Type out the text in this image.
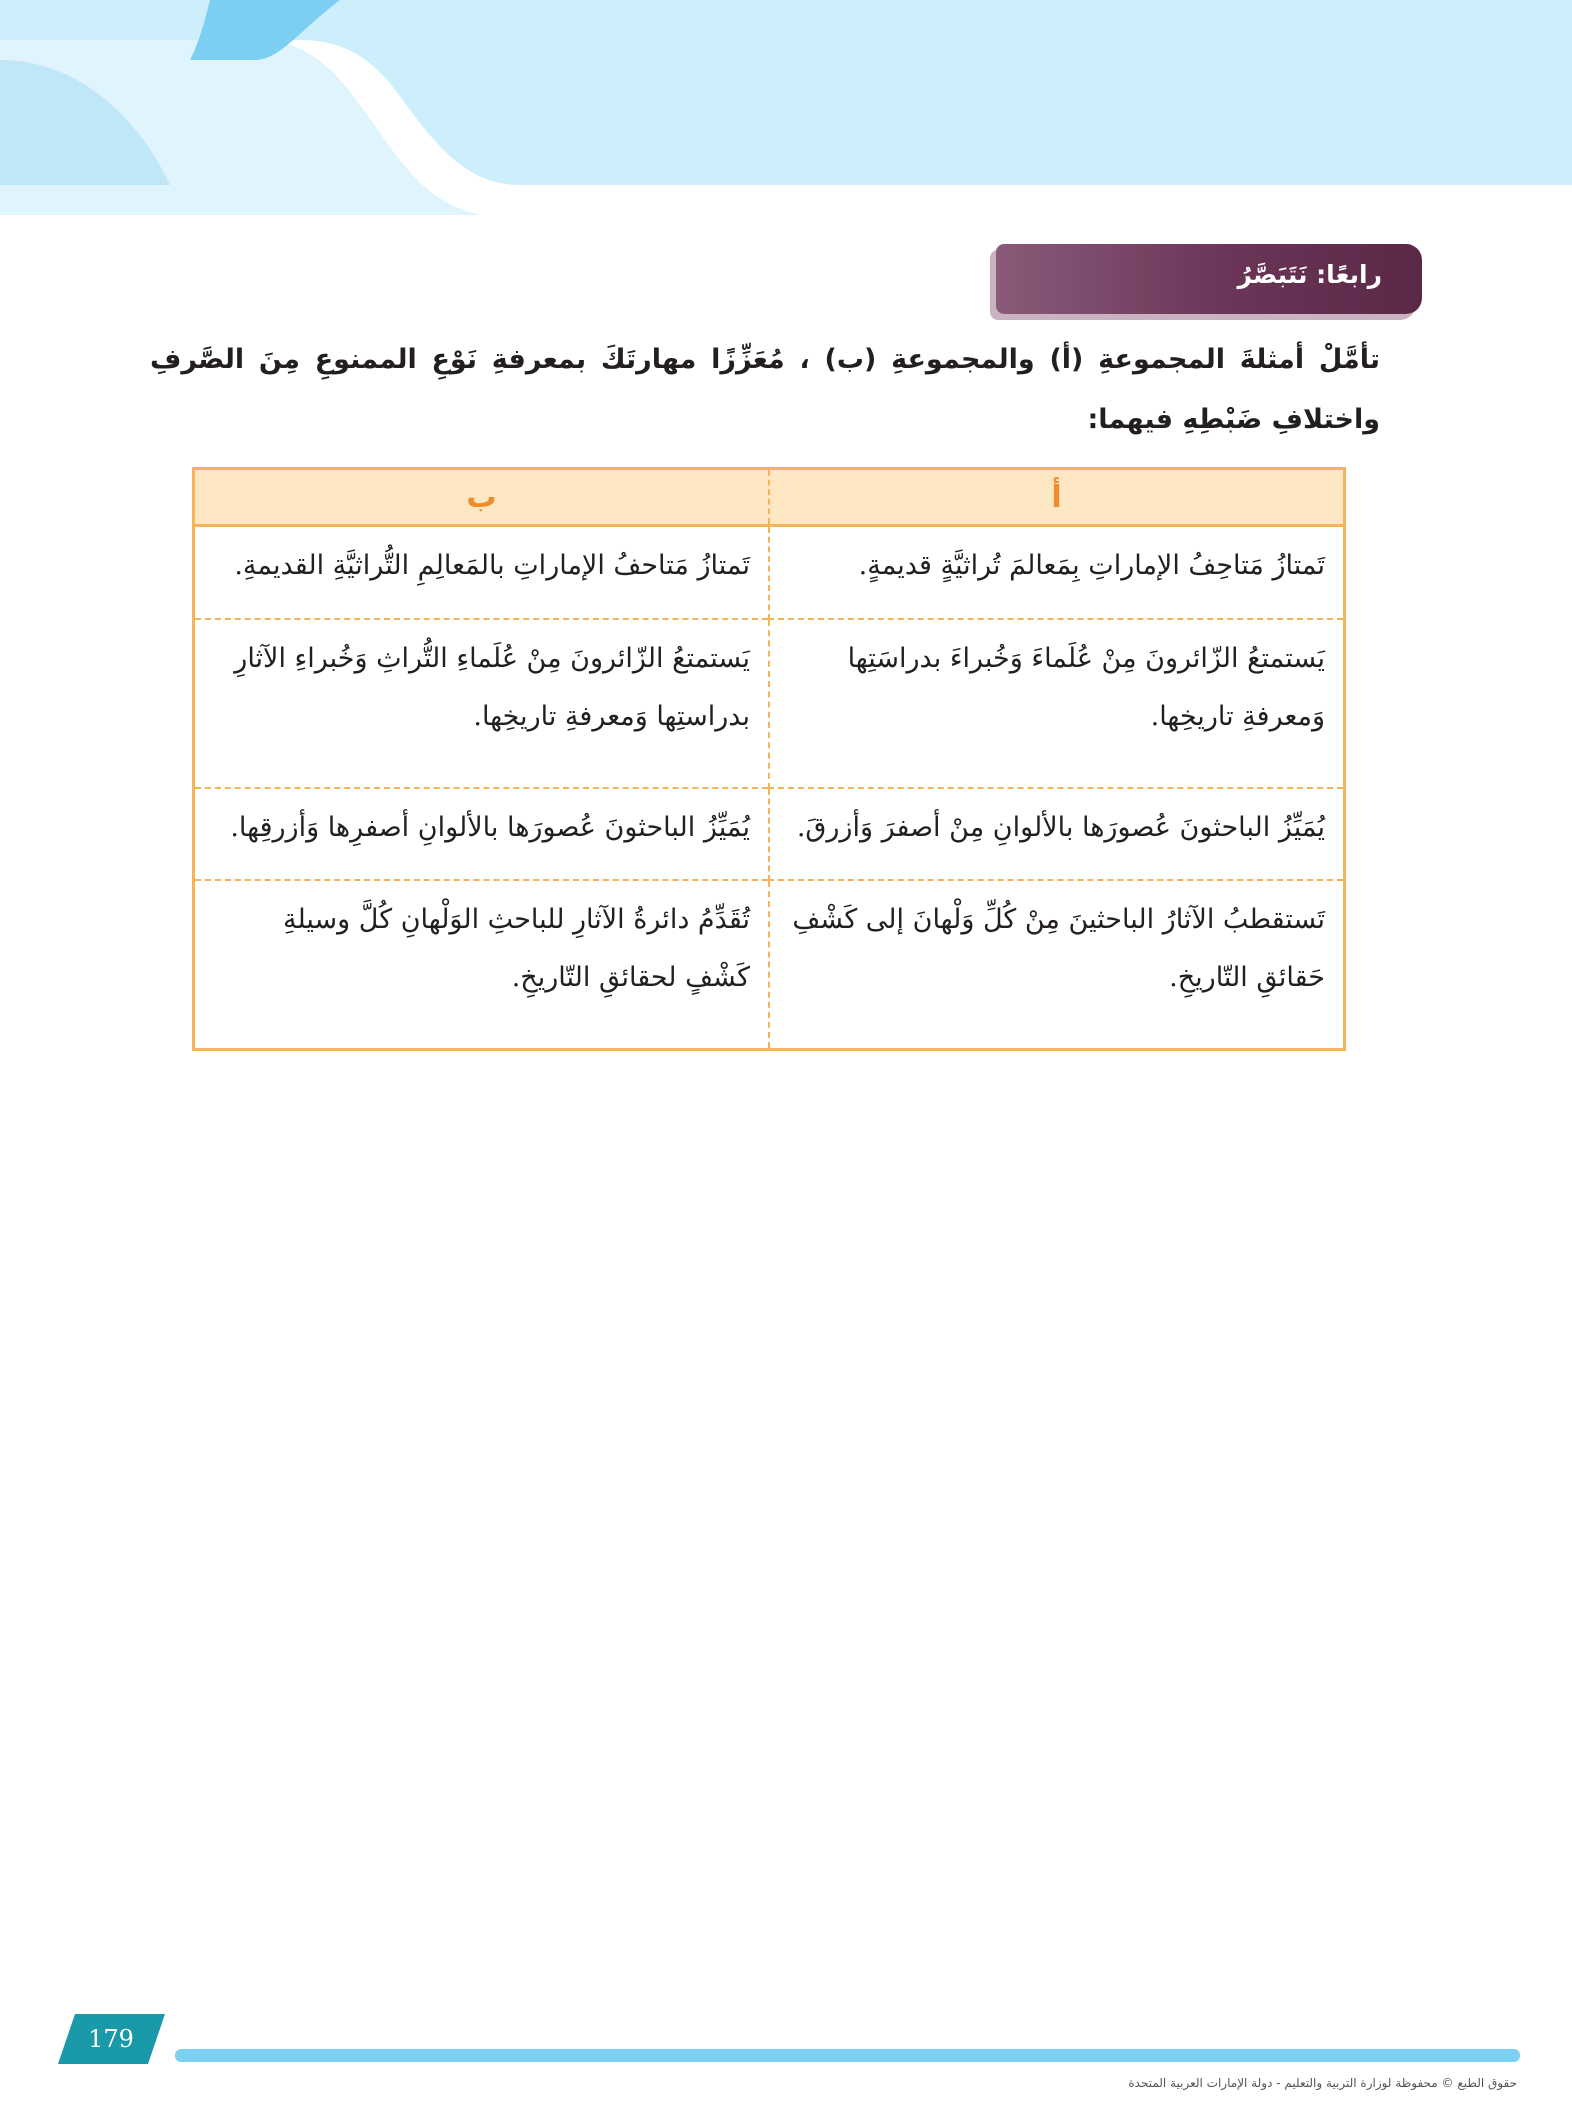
رابعًا: نَتَبَصَّرُ
تأمَّلْ أمثلةَ المجموعةِ (أ) والمجموعةِ (ب) ، مُعَزِّزًا مهارتَكَ بمعرفةِ نَوْعِ الممنوعِ مِنَ الصَّرفِ واختلافِ ضَبْطِهِ فيهما:
أ	ب
تَمتازُ مَتاحِفُ الإماراتِ بِمَعالمَ تُراثيَّةٍ قديمةٍ.	تَمتازُ مَتاحفُ الإماراتِ بالمَعالِمِ التُّراثيَّةِ القديمةِ.
يَستمتعُ الزّائرونَ مِنْ عُلَماءَ وَخُبراءَ بدراسَتِها وَمعرفةِ تاريخِها.	يَستمتعُ الزّائرونَ مِنْ عُلَماءِ التُّراثِ وَخُبراءِ الآثارِ بدراستِها وَمعرفةِ تاريخِها.
يُمَيِّزُ الباحثونَ عُصورَها بالألوانِ مِنْ أصفرَ وَأزرقَ.	يُمَيِّزُ الباحثونَ عُصورَها بالألوانِ أصفرِها وَأزرقِها.
تَستقطبُ الآثارُ الباحثينَ مِنْ كُلِّ وَلْهانَ إلى كَشْفِ حَقائقِ التّاريخِ.	تُقَدِّمُ دائرةُ الآثارِ للباحثِ الوَلْهانِ كُلَّ وسيلةِ كَشْفٍ لحقائقِ التّاريخِ.
179
حقوق الطبع © محفوظة لوزارة التربية والتعليم - دولة الإمارات العربية المتحدة
